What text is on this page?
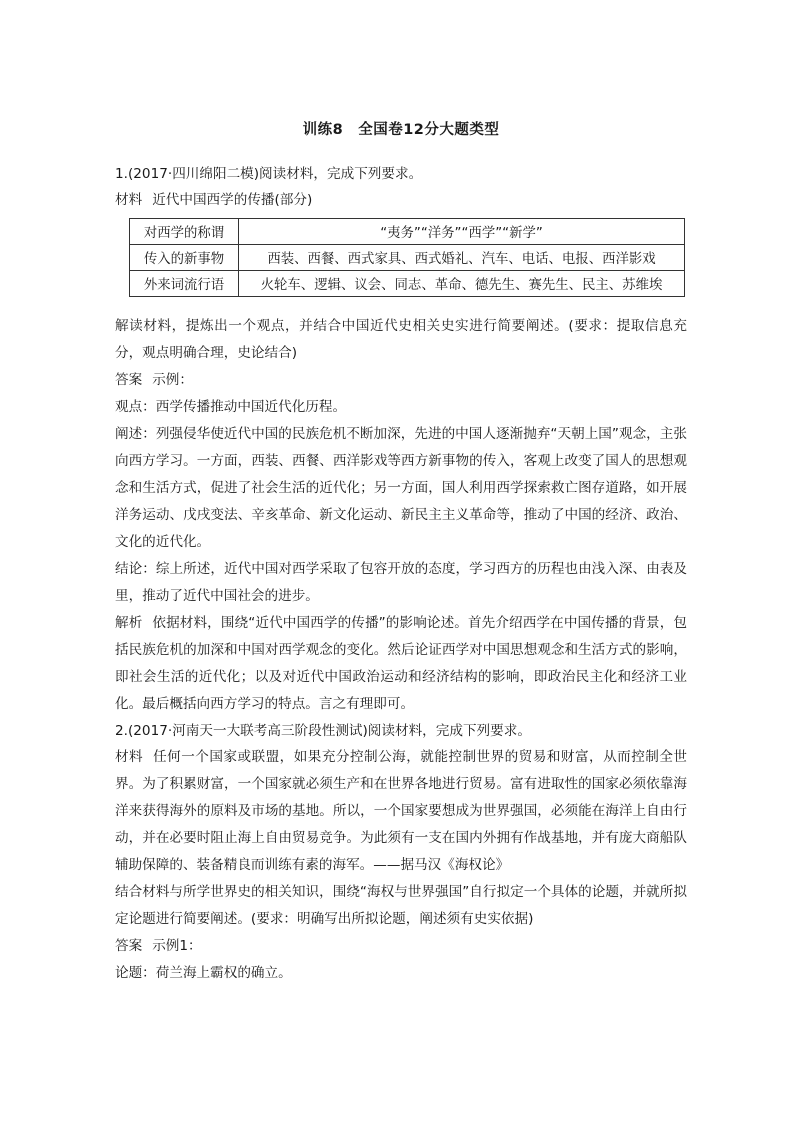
训练8　全国卷12分大题类型

1.(2017·四川绵阳二模)阅读材料，完成下列要求。

材料 近代中国西学的传播(部分)

对西学的称谓	“夷务”“洋务”“西学”“新学”
传入的新事物	西装、西餐、西式家具、西式婚礼、汽车、电话、电报、西洋影戏
外来词流行语	火轮车、逻辑、议会、同志、革命、德先生、赛先生、民主、苏维埃

解读材料，提炼出一个观点，并结合中国近代史相关史实进行简要阐述。(要求：提取信息充分，观点明确合理，史论结合)

答案 示例：

观点：西学传播推动中国近代化历程。

阐述：列强侵华使近代中国的民族危机不断加深，先进的中国人逐渐抛弃“天朝上国”观念，主张向西方学习。一方面，西装、西餐、西洋影戏等西方新事物的传入，客观上改变了国人的思想观念和生活方式，促进了社会生活的近代化；另一方面，国人利用西学探索救亡图存道路，如开展洋务运动、戊戌变法、辛亥革命、新文化运动、新民主主义革命等，推动了中国的经济、政治、文化的近代化。

结论：综上所述，近代中国对西学采取了包容开放的态度，学习西方的历程也由浅入深、由表及里，推动了近代中国社会的进步。

解析 依据材料，围绕“近代中国西学的传播”的影响论述。首先介绍西学在中国传播的背景，包括民族危机的加深和中国对西学观念的变化。然后论证西学对中国思想观念和生活方式的影响，即社会生活的近代化；以及对近代中国政治运动和经济结构的影响，即政治民主化和经济工业化。最后概括向西方学习的特点。言之有理即可。

2.(2017·河南天一大联考高三阶段性测试)阅读材料，完成下列要求。

材料 任何一个国家或联盟，如果充分控制公海，就能控制世界的贸易和财富，从而控制全世界。为了积累财富，一个国家就必须生产和在世界各地进行贸易。富有进取性的国家必须依靠海洋来获得海外的原料及市场的基地。所以，一个国家要想成为世界强国，必须能在海洋上自由行动，并在必要时阻止海上自由贸易竞争。为此须有一支在国内外拥有作战基地，并有庞大商船队辅助保障的、装备精良而训练有素的海军。——据马汉《海权论》

结合材料与所学世界史的相关知识，围绕“海权与世界强国”自行拟定一个具体的论题，并就所拟定论题进行简要阐述。(要求：明确写出所拟论题，阐述须有史实依据)

答案 示例1：

论题：荷兰海上霸权的确立。
